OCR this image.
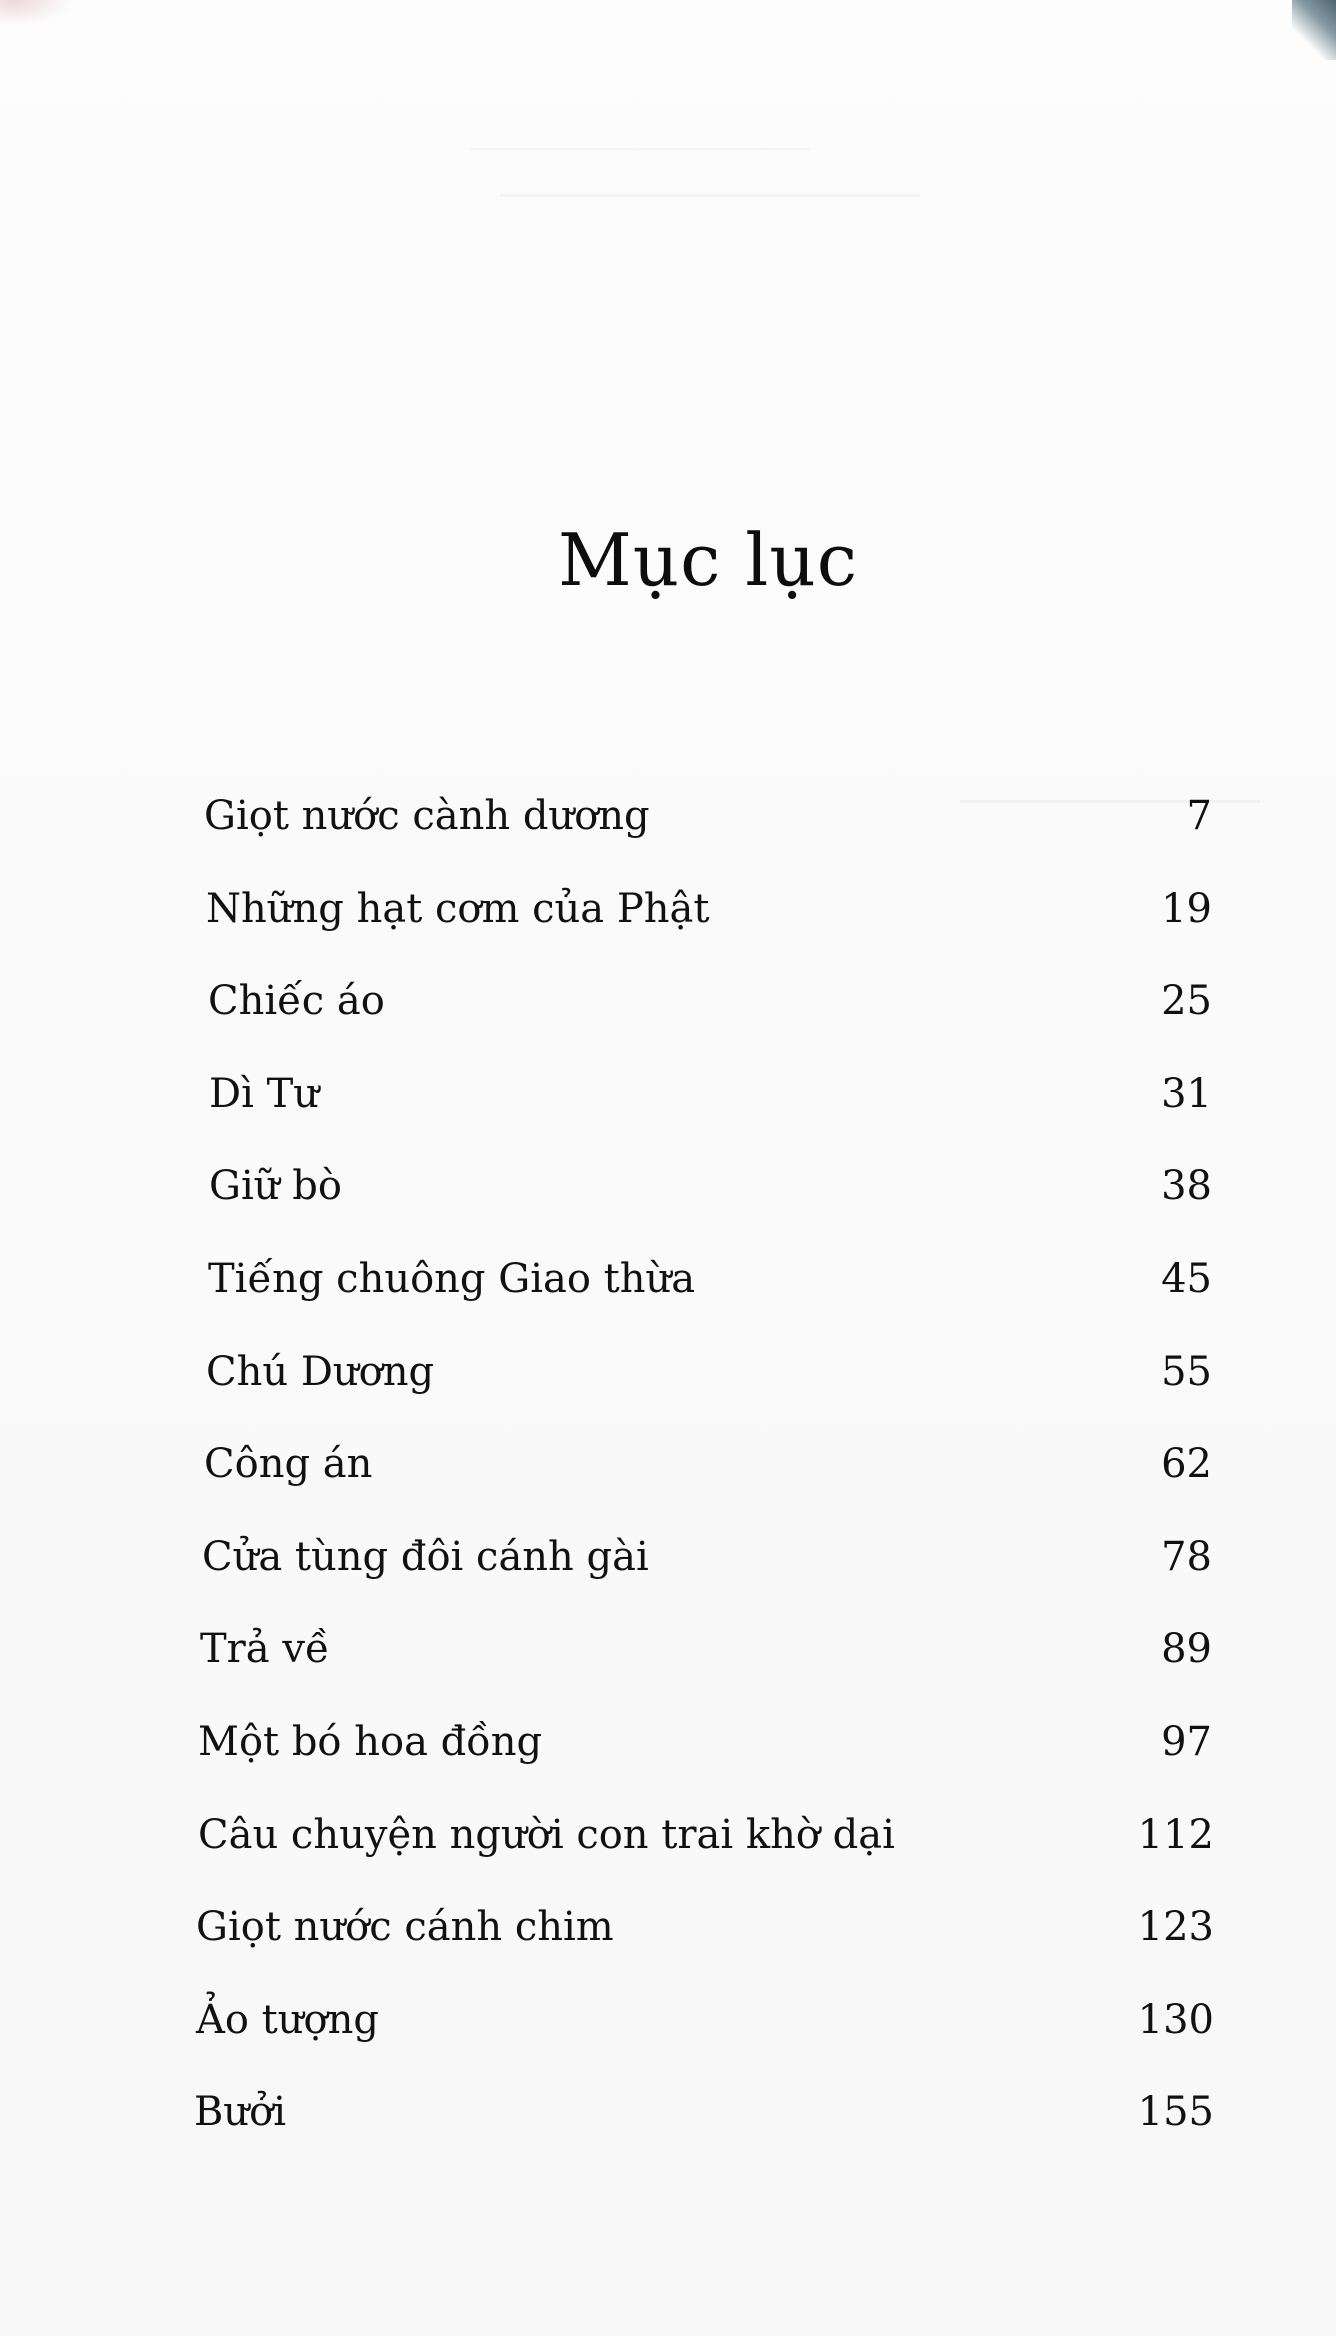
Mục lục
Giọt nước cành dương	7
Những hạt cơm của Phật	19
Chiếc áo	25
Dì Tư	31
Giữ bò	38
Tiếng chuông Giao thừa	45
Chú Dương	55
Công án	62
Cửa tùng đôi cánh gài	78
Trả về	89
Một bó hoa đồng	97
Câu chuyện người con trai khờ dại	112
Giọt nước cánh chim	123
Ảo tượng	130
Bưởi	155
